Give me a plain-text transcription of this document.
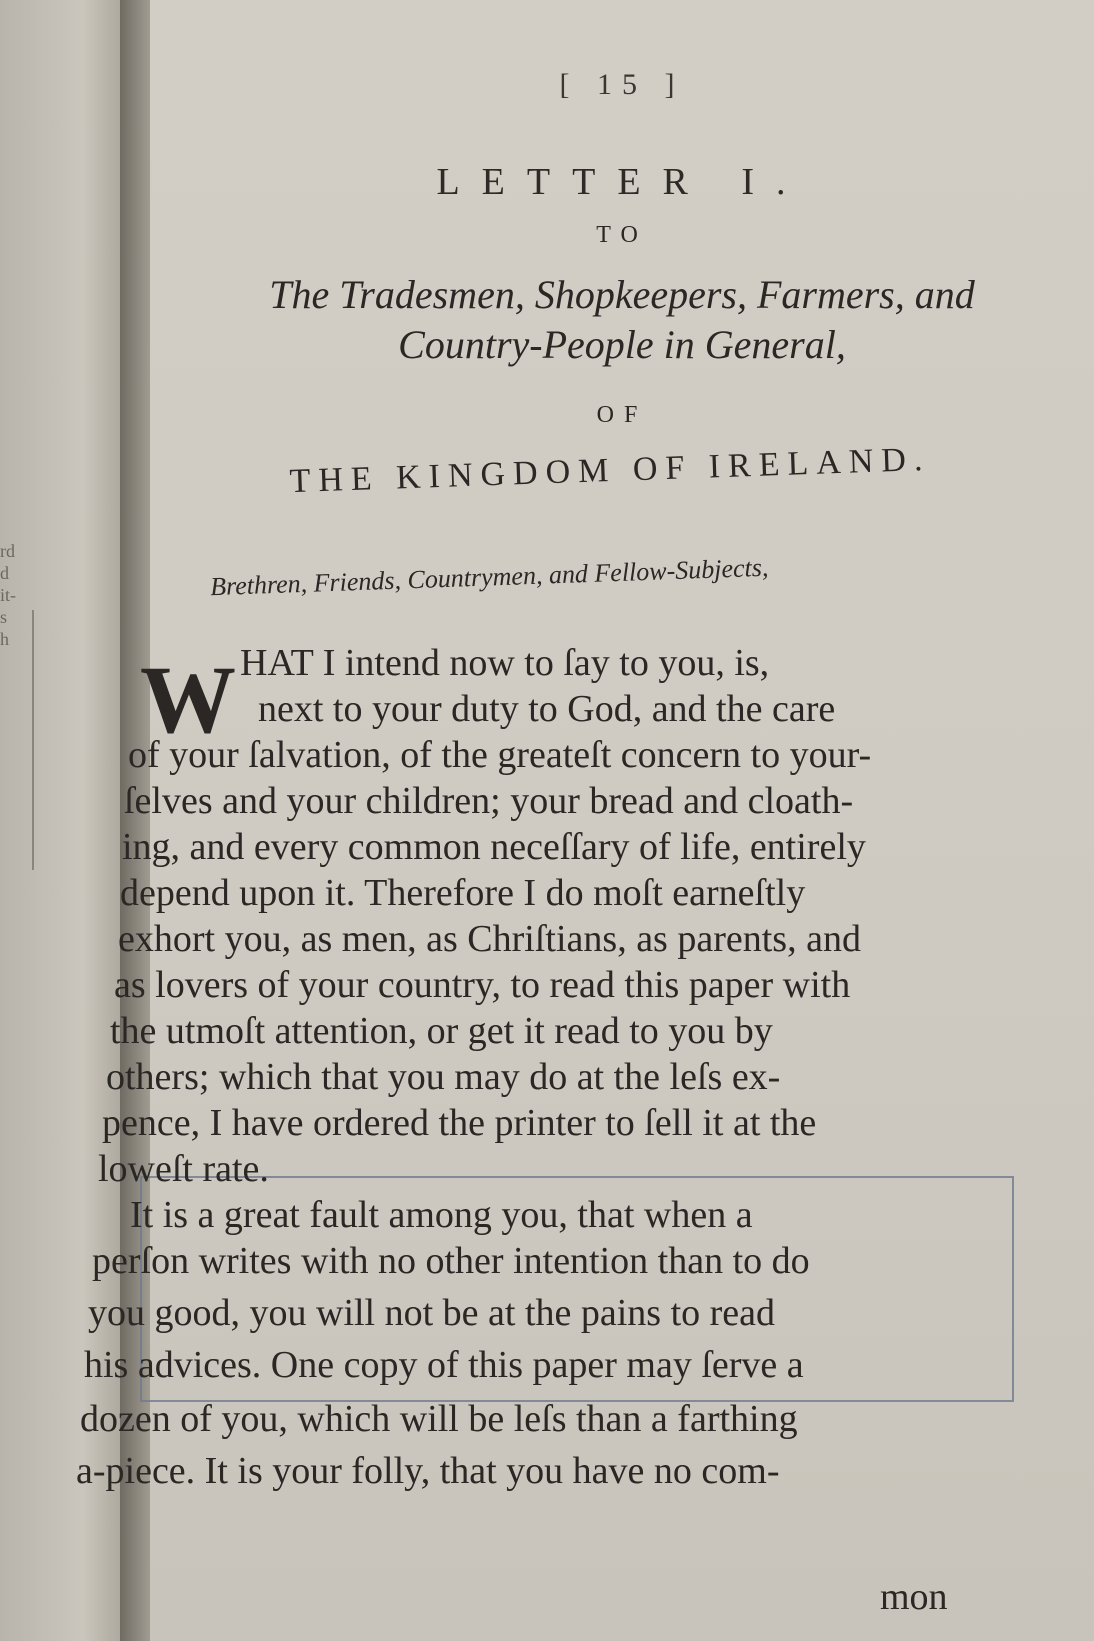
rd
d
it-
s
h
[ 15 ]
LETTER I.
TO
The Tradesmen, Shopkeepers, Farmers, and
Country-People in General,
OF
THE KINGDOM OF IRELAND.
Brethren, Friends, Countrymen, and Fellow-Subjects,
W HAT I intend now to ſay to you, is,
next to your duty to God, and the care
of your ſalvation, of the greateſt concern to your-
ſelves and your children; your bread and cloath-
ing, and every common neceſſary of life, entirely
depend upon it. Therefore I do moſt earneſtly
exhort you, as men, as Chriſtians, as parents, and
as lovers of your country, to read this paper with
the utmoſt attention, or get it read to you by
others; which that you may do at the leſs ex-
pence, I have ordered the printer to ſell it at the
loweſt rate.
It is a great fault among you, that when a
perſon writes with no other intention than to do
you good, you will not be at the pains to read
his advices. One copy of this paper may ſerve a
dozen of you, which will be leſs than a farthing
a-piece. It is your folly, that you have no com-
mon
